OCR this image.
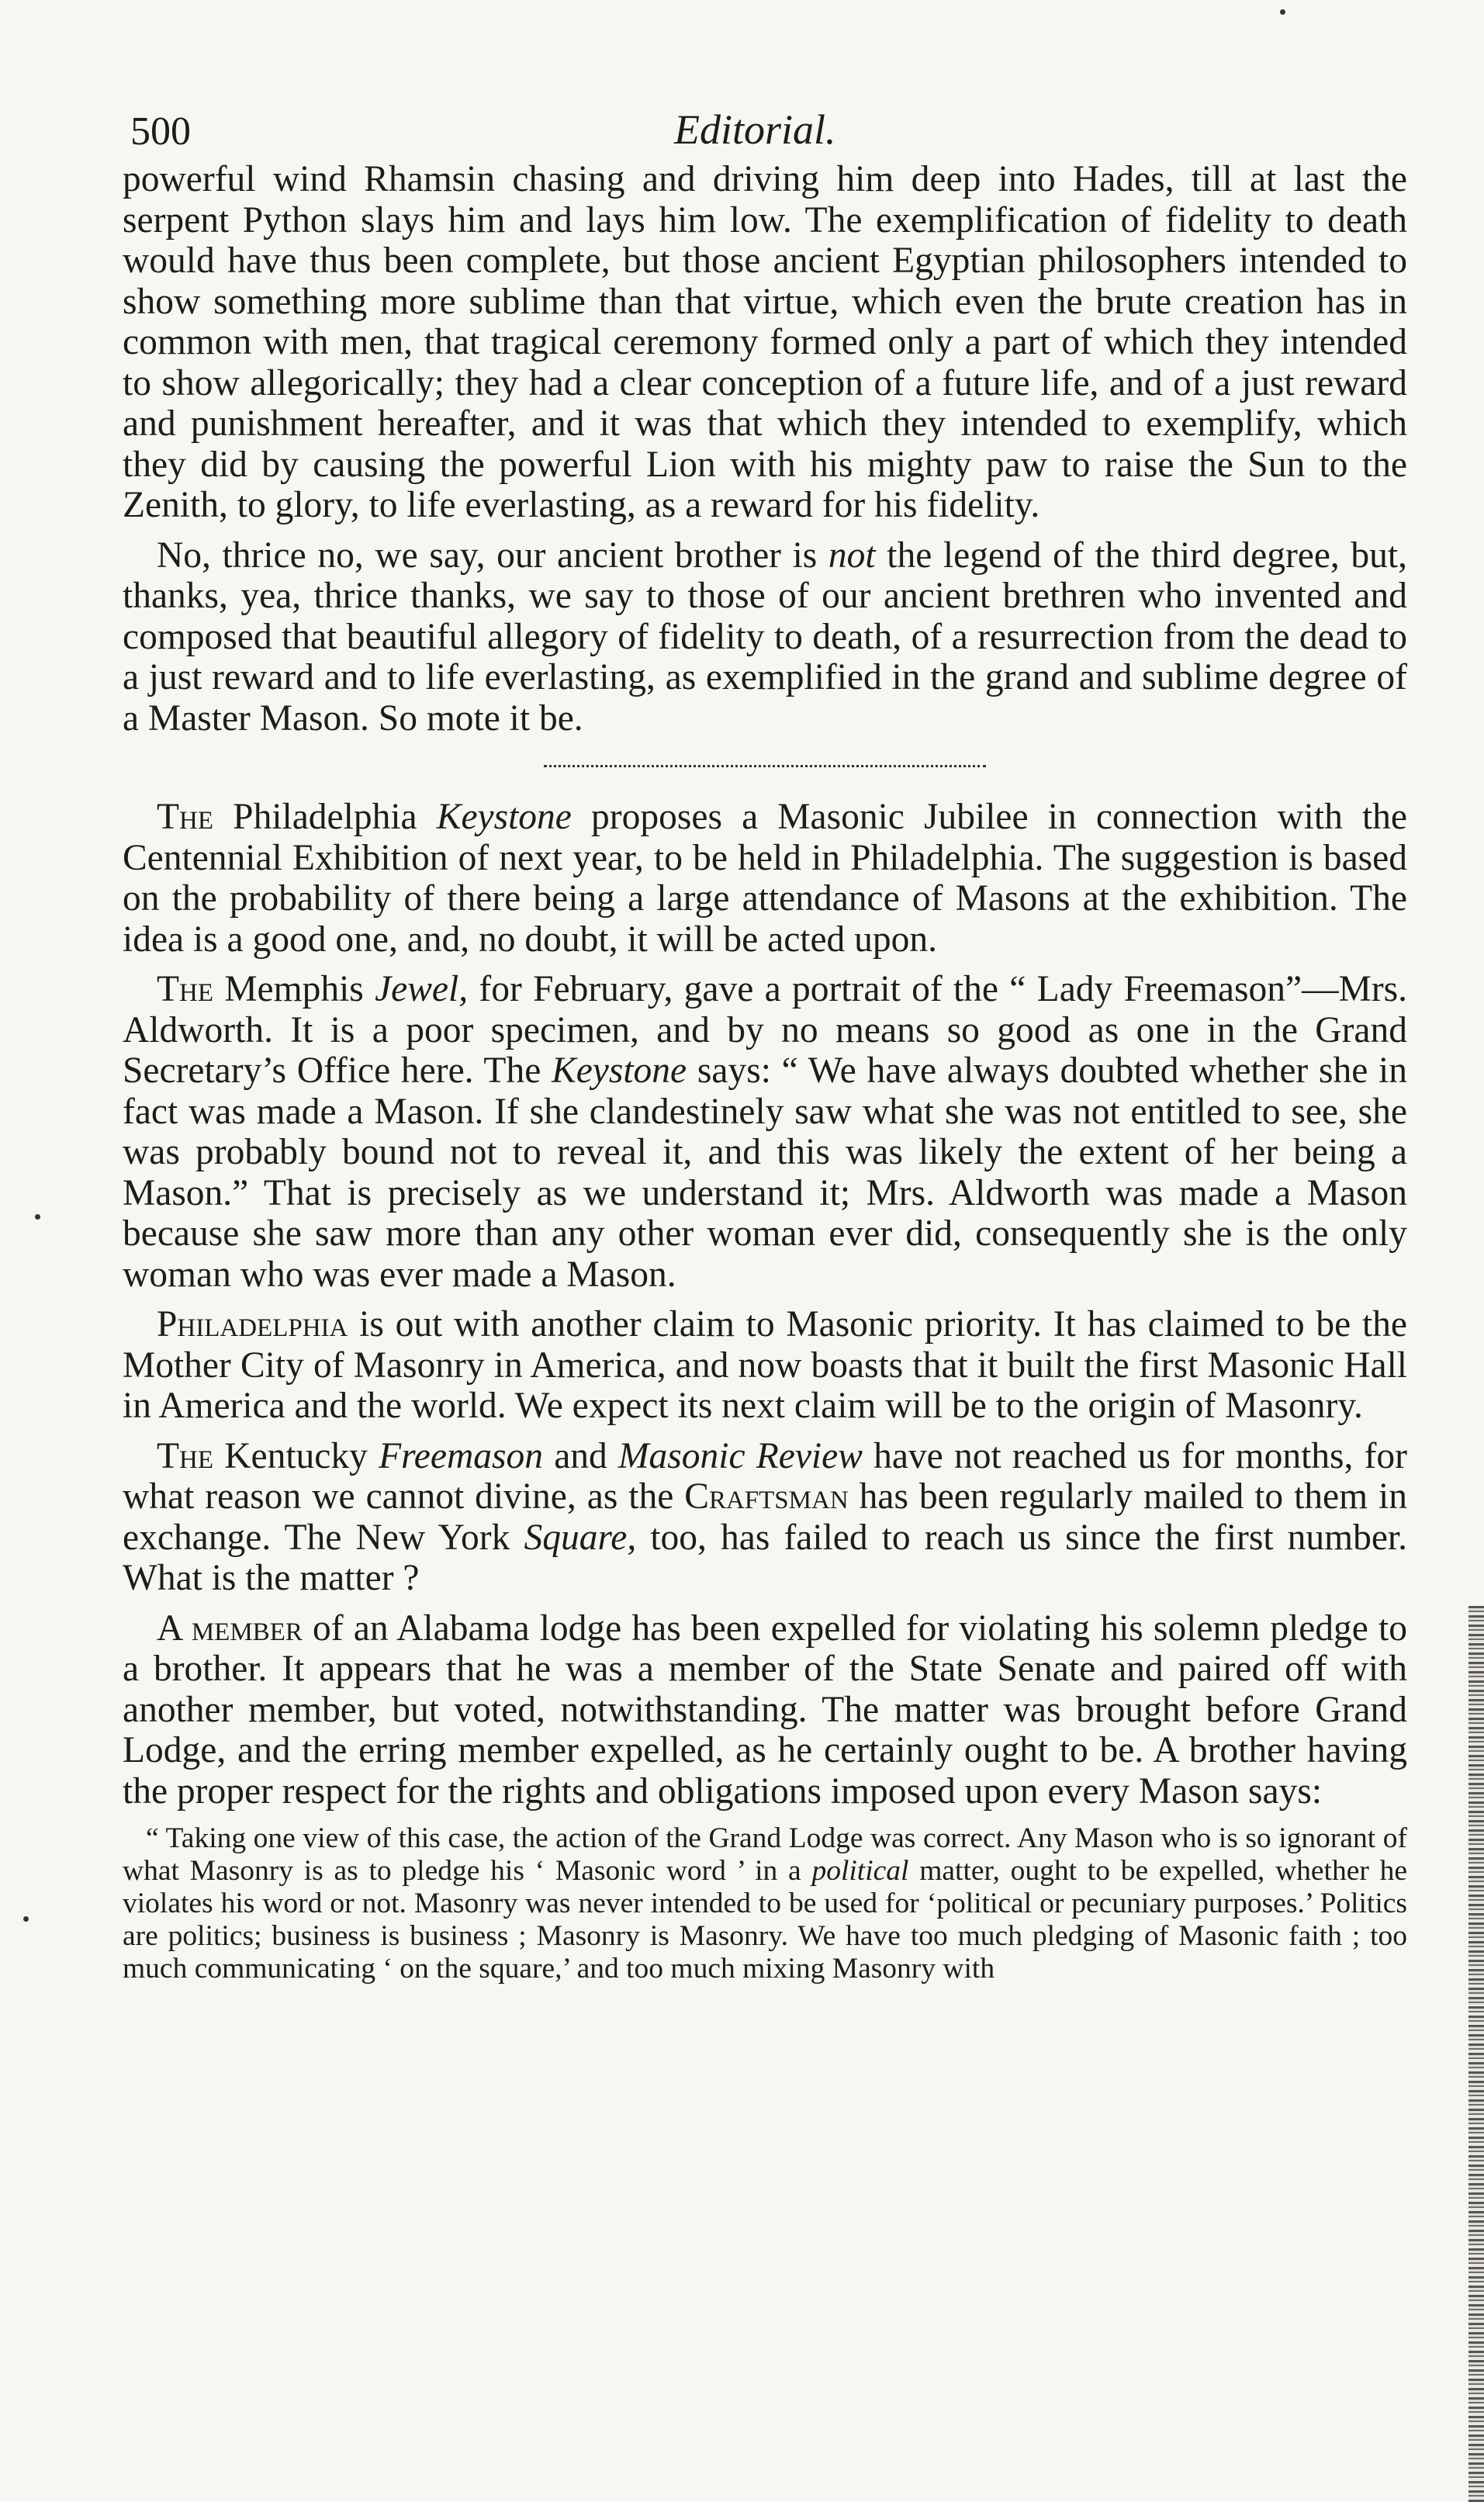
500	Editorial.

powerful wind Rhamsin chasing and driving him deep into Hades, till at last the serpent Python slays him and lays him low. The exemplification of fidelity to death would have thus been complete, but those ancient Egyptian philosophers intended to show something more sublime than that virtue, which even the brute creation has in common with men, that tragical ceremony formed only a part of which they intended to show allegorically; they had a clear conception of a future life, and of a just reward and punishment hereafter, and it was that which they intended to exemplify, which they did by causing the powerful Lion with his mighty paw to raise the Sun to the Zenith, to glory, to life everlasting, as a reward for his fidelity.

No, thrice no, we say, our ancient brother is not the legend of the third degree, but, thanks, yea, thrice thanks, we say to those of our ancient brethren who invented and composed that beautiful allegory of fidelity to death, of a resurrection from the dead to a just reward and to life everlasting, as exemplified in the grand and sublime degree of a Master Mason. So mote it be.

The Philadelphia Keystone proposes a Masonic Jubilee in connection with the Centennial Exhibition of next year, to be held in Philadelphia. The suggestion is based on the probability of there being a large attendance of Masons at the exhibition. The idea is a good one, and, no doubt, it will be acted upon.

The Memphis Jewel, for February, gave a portrait of the “ Lady Freemason”—Mrs. Aldworth. It is a poor specimen, and by no means so good as one in the Grand Secretary’s Office here. The Keystone says: “ We have always doubted whether she in fact was made a Mason. If she clandestinely saw what she was not entitled to see, she was probably bound not to reveal it, and this was likely the extent of her being a Mason.” That is precisely as we understand it; Mrs. Aldworth was made a Mason because she saw more than any other woman ever did, consequently she is the only woman who was ever made a Mason.

Philadelphia is out with another claim to Masonic priority. It has claimed to be the Mother City of Masonry in America, and now boasts that it built the first Masonic Hall in America and the world. We expect its next claim will be to the origin of Masonry.

The Kentucky Freemason and Masonic Review have not reached us for months, for what reason we cannot divine, as the Craftsman has been regularly mailed to them in exchange. The New York Square, too, has failed to reach us since the first number. What is the matter ?

A member of an Alabama lodge has been expelled for violating his solemn pledge to a brother. It appears that he was a member of the State Senate and paired off with another member, but voted, notwithstanding. The matter was brought before Grand Lodge, and the erring member expelled, as he certainly ought to be. A brother having the proper respect for the rights and obligations imposed upon every Mason says:

“ Taking one view of this case, the action of the Grand Lodge was correct. Any Mason who is so ignorant of what Masonry is as to pledge his ‘ Masonic word ’ in a political matter, ought to be expelled, whether he violates his word or not. Masonry was never intended to be used for ‘political or pecuniary purposes.’ Politics are politics; business is business ; Masonry is Masonry. We have too much pledging of Masonic faith ; too much communicating ‘ on the square,’ and too much mixing Masonry with
